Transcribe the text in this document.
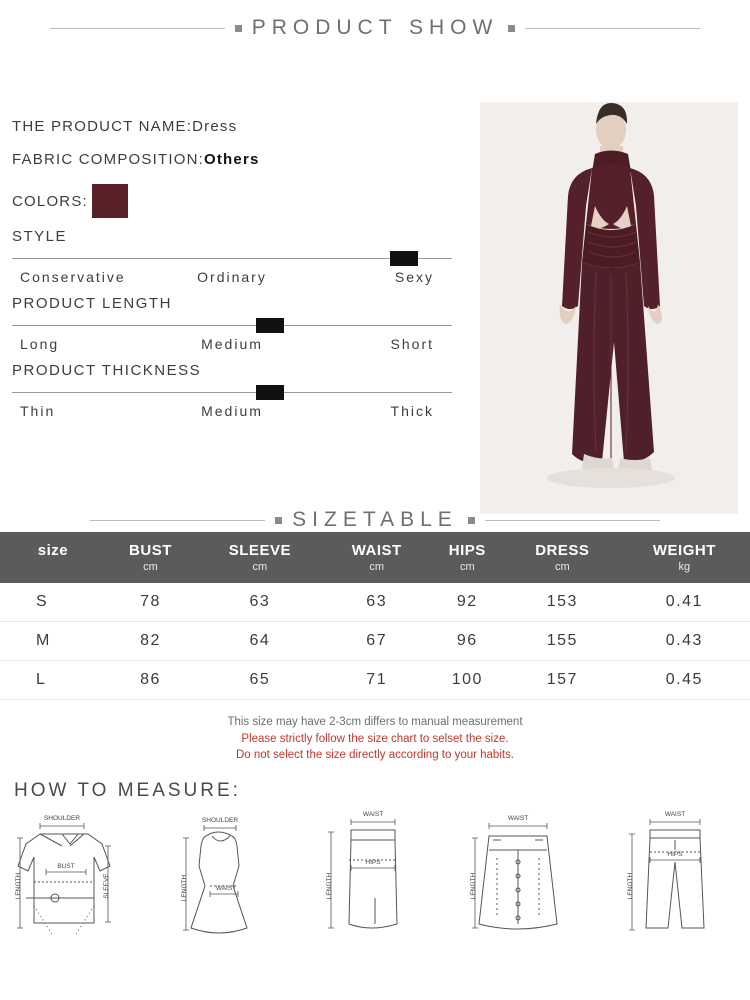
PRODUCT SHOW
THE PRODUCT NAME:Dress
FABRIC COMPOSITION:Others
COLORS:
STYLE
Conservative	Ordinary	Sexy
PRODUCT LENGTH
Long	Medium	Short
PRODUCT THICKNESS
Thin	Medium	Thick
SIZETABLE
size	BUST	SLEEVE	WAIST	HIPS	DRESS	WEIGHT
	cm	cm	cm	cm	cm	kg
S	78	63	63	92	153	0.41
M	82	64	67	96	155	0.43
L	86	65	71	100	157	0.45
This size may have 2-3cm differs to manual measurement
Please strictly follow the size chart to selset the size.
Do not select the size directly according to your habits.
HOW TO MEASURE:
SHOULDER
BUST
LENGTH	SLEEVE
SHOULDER
WAIST
LENGTH
WAIST
HIPS
LENGTH
WAIST
LENGTH
WAIST
HIPS
LENGTH
